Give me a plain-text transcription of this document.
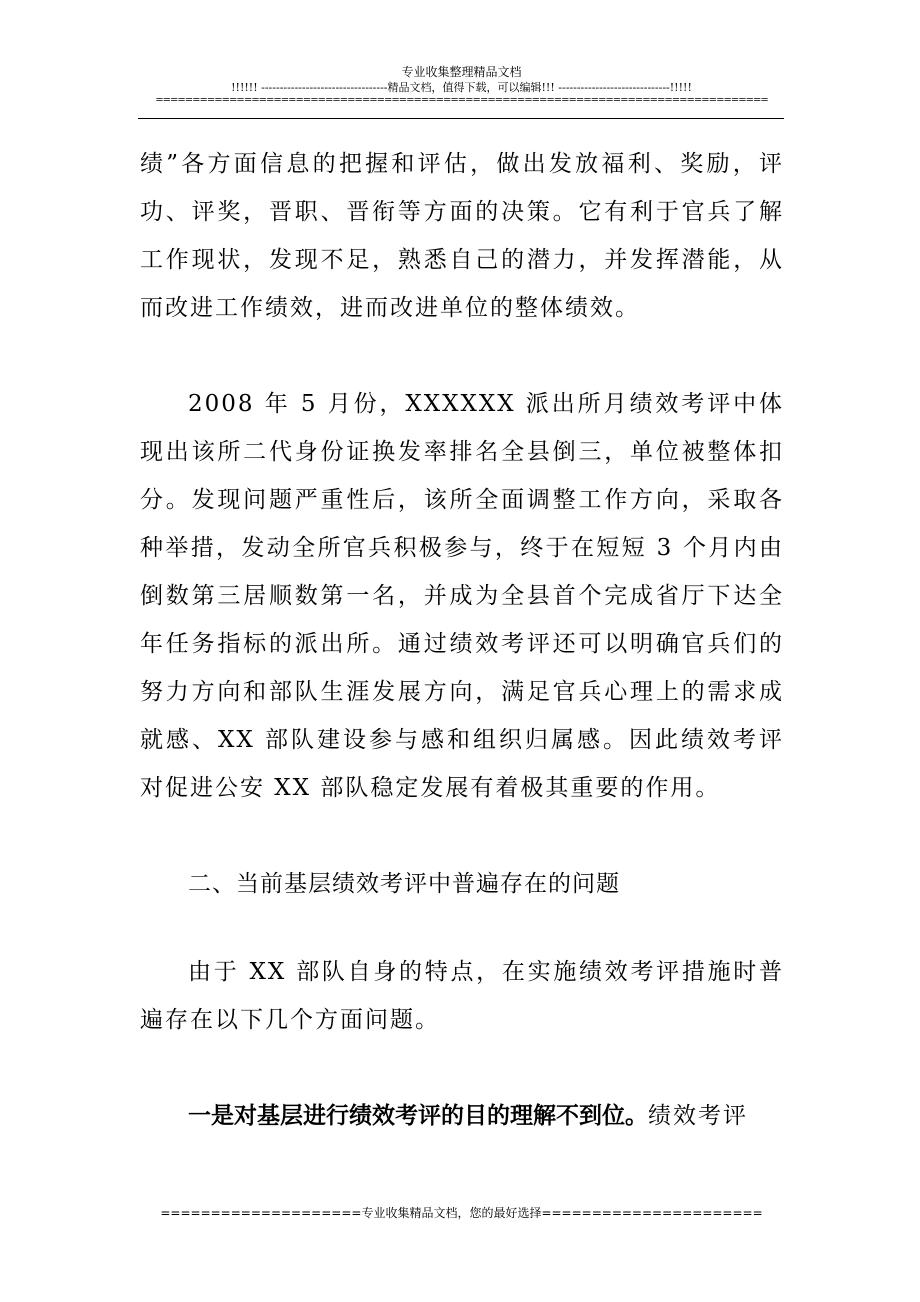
专业收集整理精品文档
!!!!!! ----------------------------------精品文档，值得下载，可以编辑!!! ------------------------------!!!!!
===================================================================================

绩”各方面信息的把握和评估，做出发放福利、奖励，评功、评奖，晋职、晋衔等方面的决策。它有利于官兵了解工作现状，发现不足，熟悉自己的潜力，并发挥潜能，从而改进工作绩效，进而改进单位的整体绩效。

2008 年 5 月份，XXXXXX 派出所月绩效考评中体现出该所二代身份证换发率排名全县倒三，单位被整体扣分。发现问题严重性后，该所全面调整工作方向，采取各种举措，发动全所官兵积极参与，终于在短短 3 个月内由倒数第三居顺数第一名，并成为全县首个完成省厅下达全年任务指标的派出所。通过绩效考评还可以明确官兵们的努力方向和部队生涯发展方向，满足官兵心理上的需求成就感、XX 部队建设参与感和组织归属感。因此绩效考评对促进公安 XX 部队稳定发展有着极其重要的作用。

二、当前基层绩效考评中普遍存在的问题

由于 XX 部队自身的特点，在实施绩效考评措施时普遍存在以下几个方面问题。

一是对基层进行绩效考评的目的理解不到位。绩效考评

====================专业收集精品文档，您的最好选择======================
